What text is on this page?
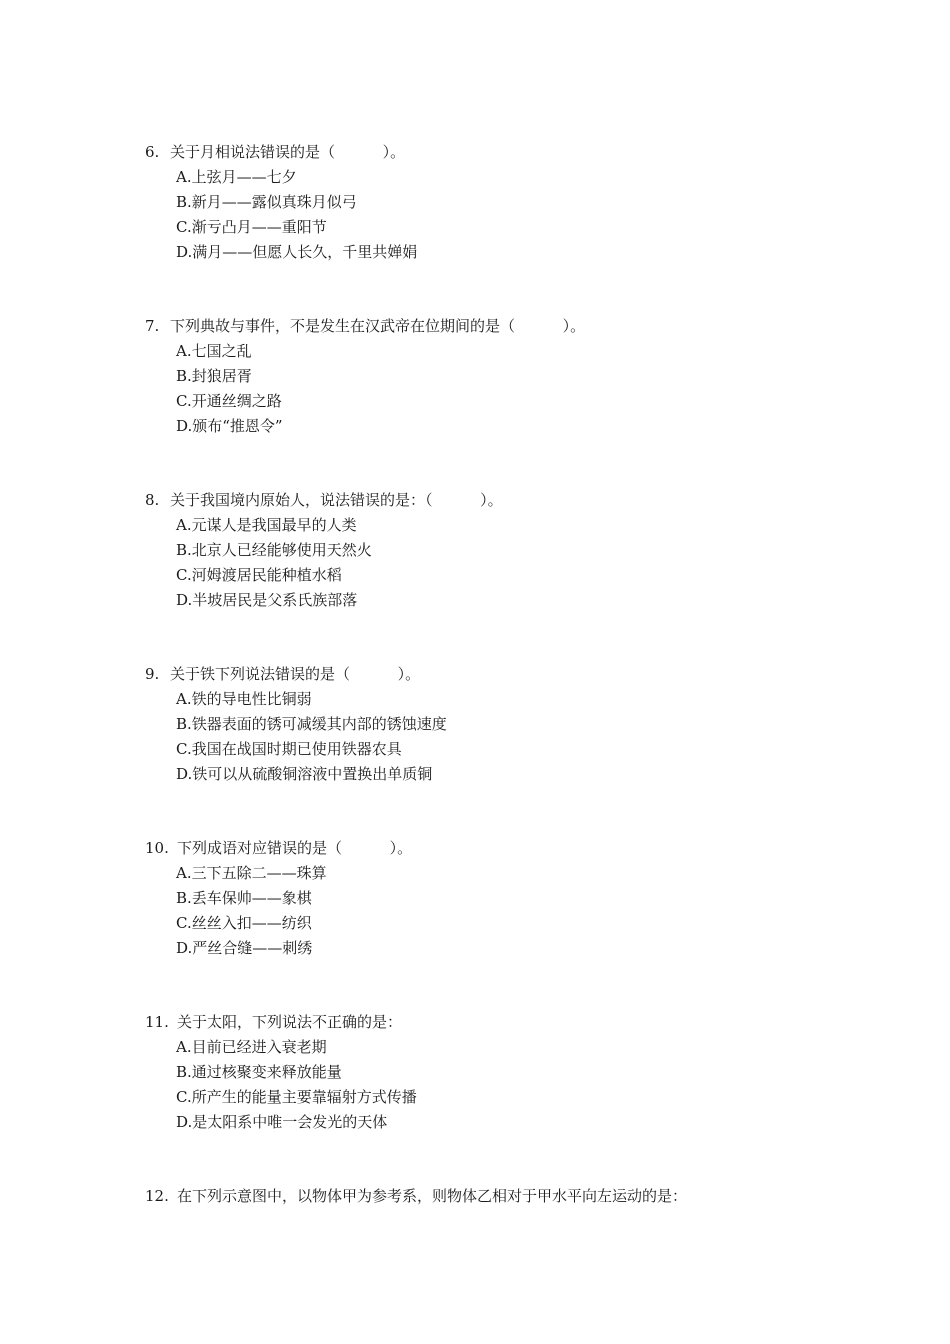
6. 关于月相说法错误的是（          ）。
A.上弦月——七夕
B.新月——露似真珠月似弓
C.渐亏凸月——重阳节
D.满月——但愿人长久，千里共婵娟
7. 下列典故与事件，不是发生在汉武帝在位期间的是（          ）。
A.七国之乱
B.封狼居胥
C.开通丝绸之路
D.颁布“推恩令”
8. 关于我国境内原始人，说法错误的是：（          ）。
A.元谋人是我国最早的人类
B.北京人已经能够使用天然火
C.河姆渡居民能种植水稻
D.半坡居民是父系氏族部落
9. 关于铁下列说法错误的是（          ）。
A.铁的导电性比铜弱
B.铁器表面的锈可减缓其内部的锈蚀速度
C.我国在战国时期已使用铁器农具
D.铁可以从硫酸铜溶液中置换出单质铜
10. 下列成语对应错误的是（          ）。
A.三下五除二——珠算
B.丢车保帅——象棋
C.丝丝入扣——纺织
D.严丝合缝——刺绣
11. 关于太阳，下列说法不正确的是：
A.目前已经进入衰老期
B.通过核聚变来释放能量
C.所产生的能量主要靠辐射方式传播
D.是太阳系中唯一会发光的天体
12. 在下列示意图中，以物体甲为参考系，则物体乙相对于甲水平向左运动的是：
